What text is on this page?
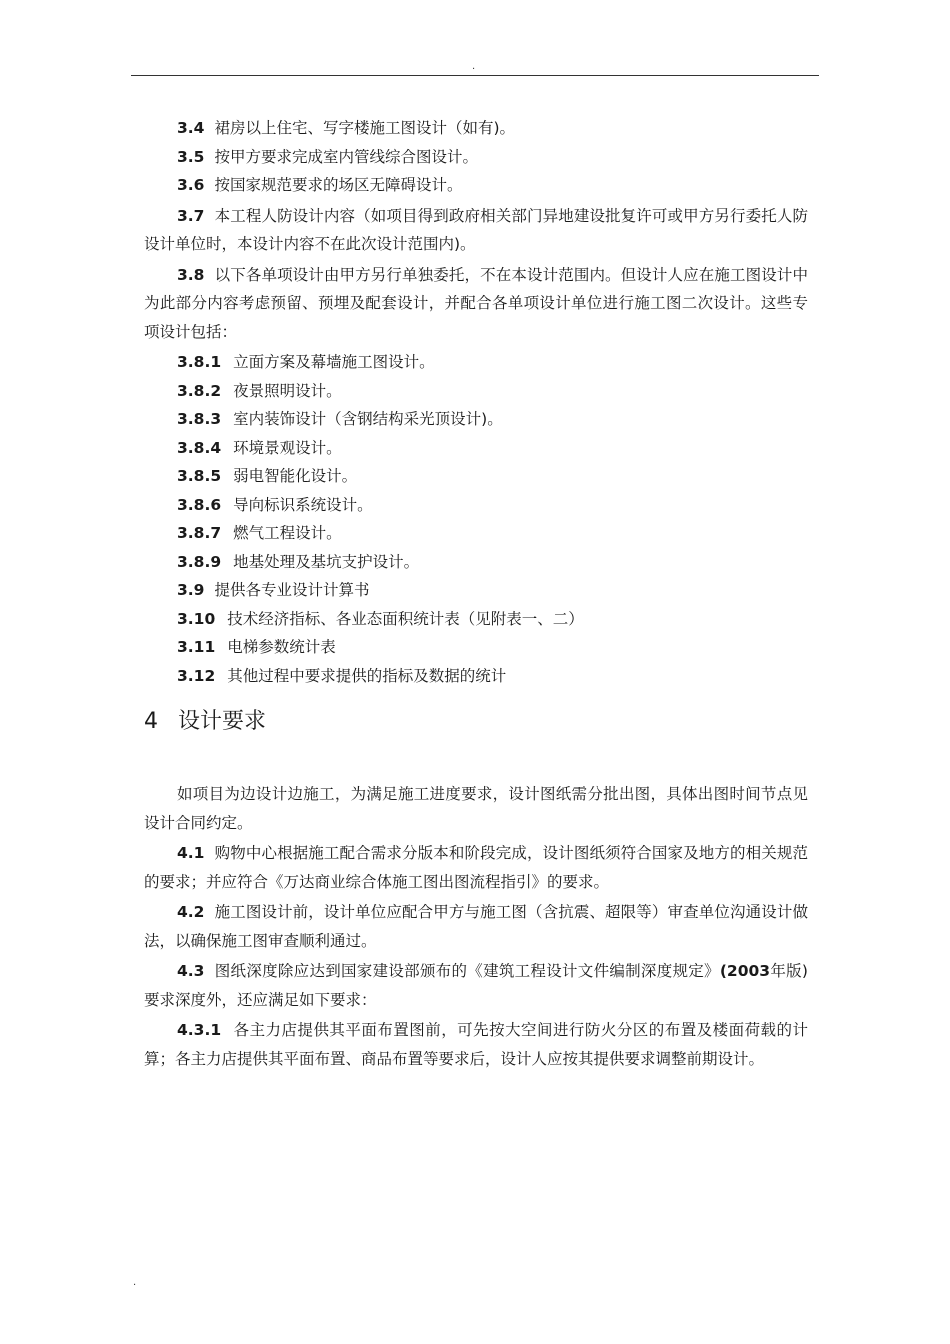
.

3.4 裙房以上住宅、写字楼施工图设计（如有)。

3.5 按甲方要求完成室内管线综合图设计。

3.6 按国家规范要求的场区无障碍设计。

3.7 本工程人防设计内容（如项目得到政府相关部门异地建设批复许可或甲方另行委托人防设计单位时，本设计内容不在此次设计范围内)。

3.8 以下各单项设计由甲方另行单独委托，不在本设计范围内。但设计人应在施工图设计中为此部分内容考虑预留、预埋及配套设计，并配合各单项设计单位进行施工图二次设计。这些专项设计包括：

3.8.1 立面方案及幕墙施工图设计。

3.8.2 夜景照明设计。

3.8.3 室内装饰设计（含钢结构采光顶设计)。

3.8.4 环境景观设计。

3.8.5 弱电智能化设计。

3.8.6 导向标识系统设计。

3.8.7 燃气工程设计。

3.8.9 地基处理及基坑支护设计。

3.9 提供各专业设计计算书

3.10 技术经济指标、各业态面积统计表（见附表一、二）

3.11 电梯参数统计表

3.12 其他过程中要求提供的指标及数据的统计

4 设计要求

如项目为边设计边施工，为满足施工进度要求，设计图纸需分批出图，具体出图时间节点见设计合同约定。

4.1 购物中心根据施工配合需求分版本和阶段完成，设计图纸须符合国家及地方的相关规范的要求；并应符合《万达商业综合体施工图出图流程指引》的要求。

4.2 施工图设计前，设计单位应配合甲方与施工图（含抗震、超限等）审查单位沟通设计做法，以确保施工图审查顺利通过。

4.3 图纸深度除应达到国家建设部颁布的《建筑工程设计文件编制深度规定》(2003年版)要求深度外，还应满足如下要求：

4.3.1 各主力店提供其平面布置图前，可先按大空间进行防火分区的布置及楼面荷载的计算；各主力店提供其平面布置、商品布置等要求后，设计人应按其提供要求调整前期设计。

.
